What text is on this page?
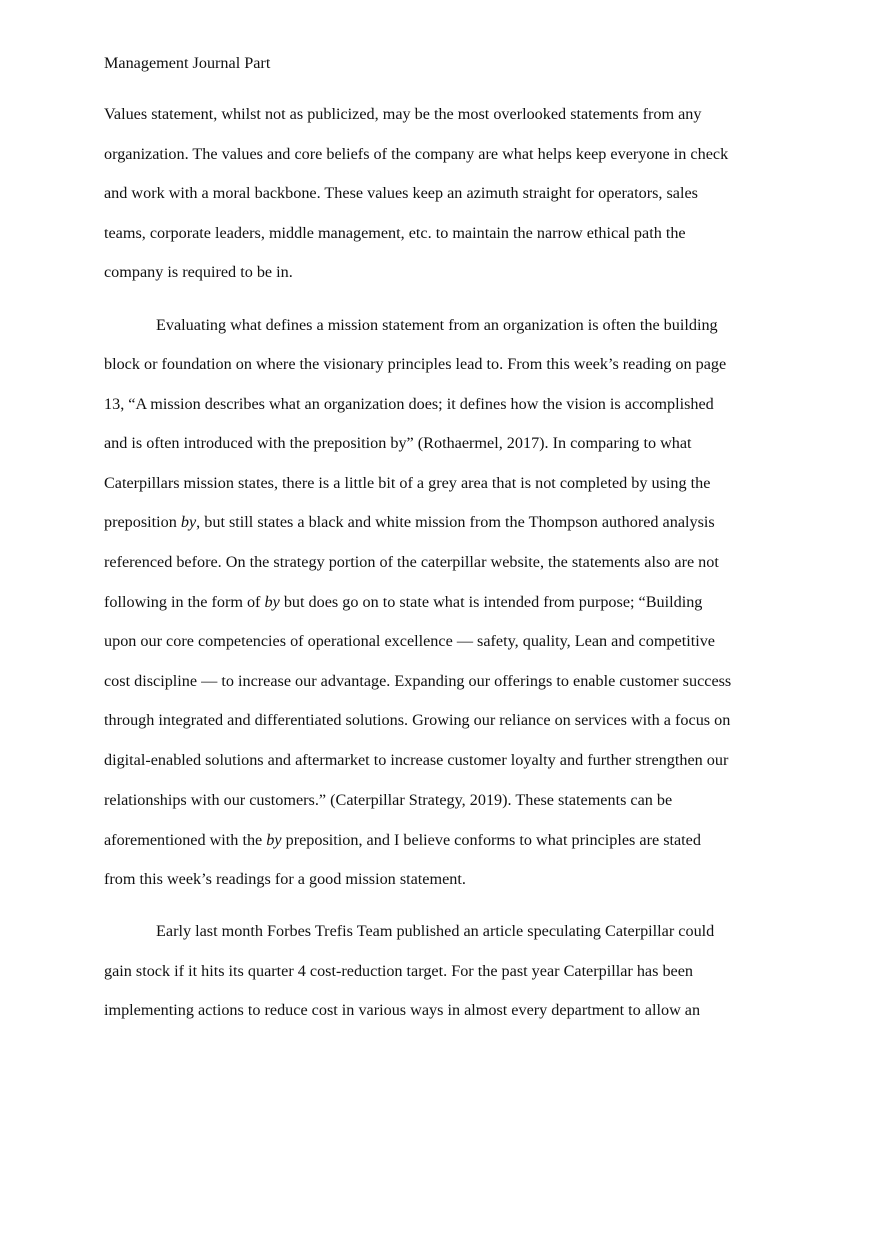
Management Journal Part
Values statement, whilst not as publicized, may be the most overlooked statements from any
organization. The values and core beliefs of the company are what helps keep everyone in check
and work with a moral backbone. These values keep an azimuth straight for operators, sales
teams, corporate leaders, middle management, etc. to maintain the narrow ethical path the
company is required to be in.
Evaluating what defines a mission statement from an organization is often the building
block or foundation on where the visionary principles lead to. From this week’s reading on page
13, “A mission describes what an organization does; it defines how the vision is accomplished
and is often introduced with the preposition by” (Rothaermel, 2017). In comparing to what
Caterpillars mission states, there is a little bit of a grey area that is not completed by using the
preposition by, but still states a black and white mission from the Thompson authored analysis
referenced before. On the strategy portion of the caterpillar website, the statements also are not
following in the form of by but does go on to state what is intended from purpose; “Building
upon our core competencies of operational excellence — safety, quality, Lean and competitive
cost discipline — to increase our advantage. Expanding our offerings to enable customer success
through integrated and differentiated solutions. Growing our reliance on services with a focus on
digital-enabled solutions and aftermarket to increase customer loyalty and further strengthen our
relationships with our customers.” (Caterpillar Strategy, 2019). These statements can be
aforementioned with the by preposition, and I believe conforms to what principles are stated
from this week’s readings for a good mission statement.
Early last month Forbes Trefis Team published an article speculating Caterpillar could
gain stock if it hits its quarter 4 cost-reduction target. For the past year Caterpillar has been
implementing actions to reduce cost in various ways in almost every department to allow an
